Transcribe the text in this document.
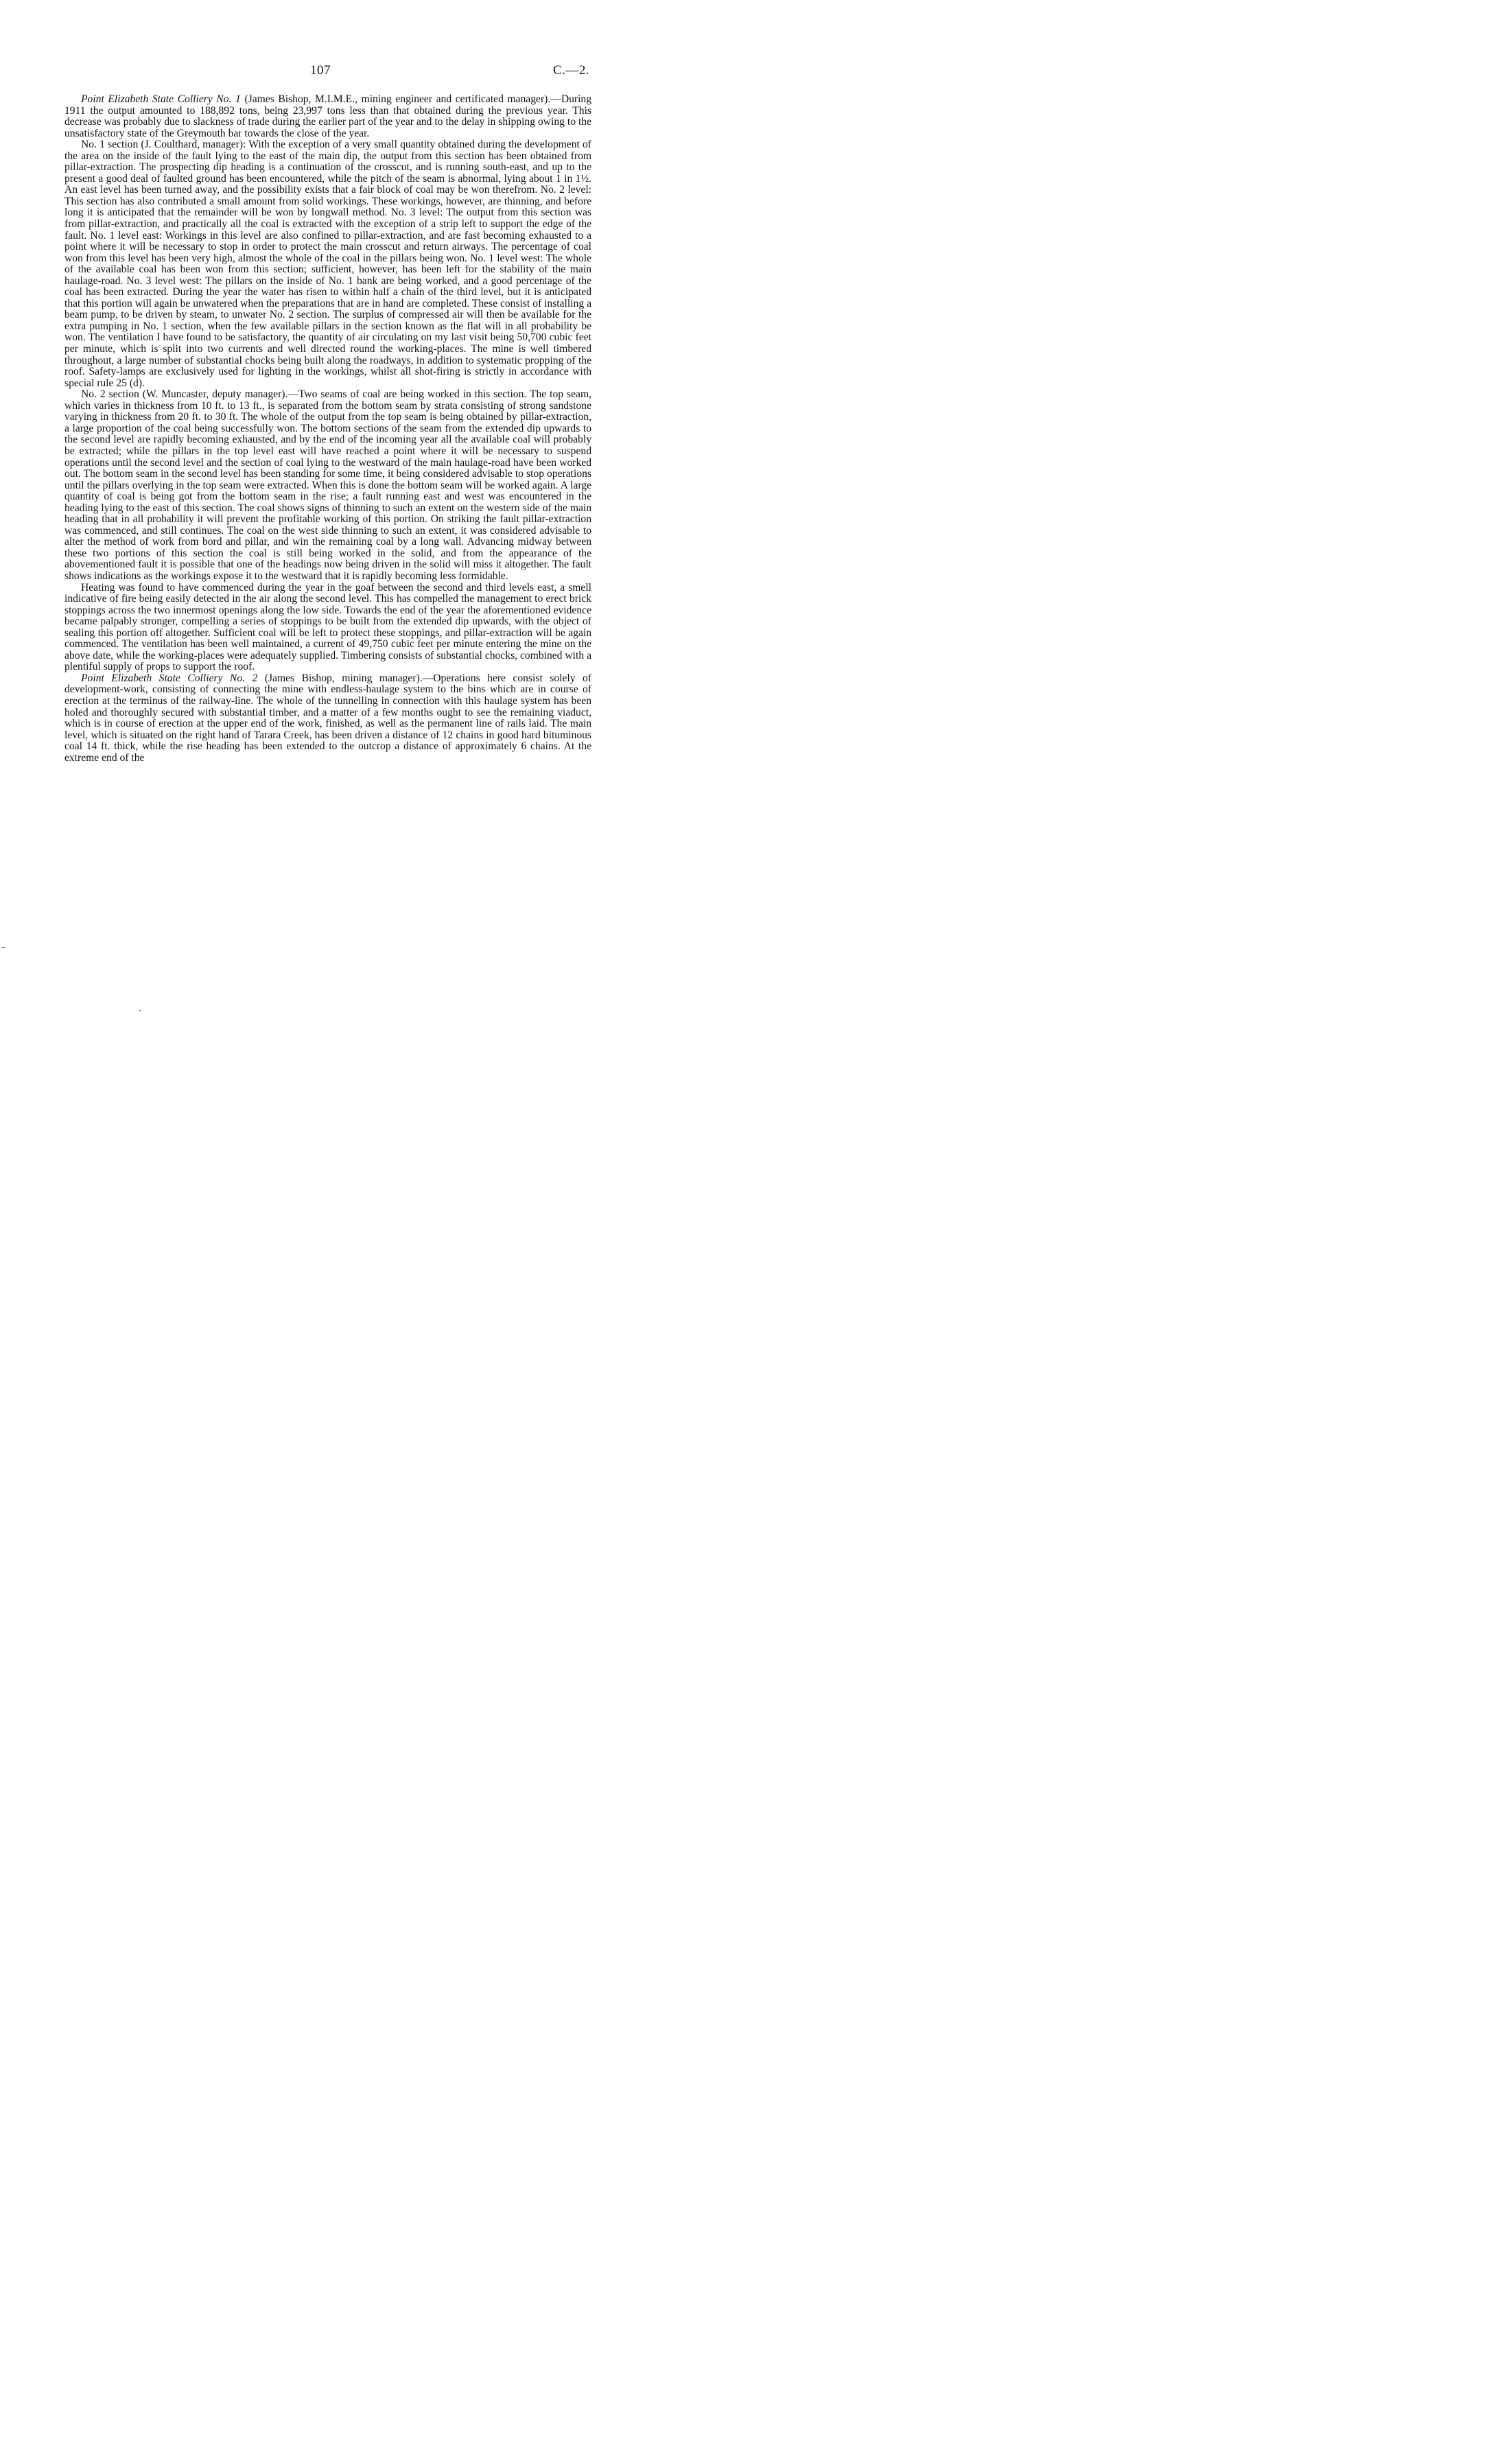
107	C.—2.

Point Elizabeth State Colliery No. 1 (James Bishop, M.I.M.E., mining engineer and certificated manager).—During 1911 the output amounted to 188,892 tons, being 23,997 tons less than that obtained during the previous year. This decrease was probably due to slackness of trade during the earlier part of the year and to the delay in shipping owing to the unsatisfactory state of the Greymouth bar towards the close of the year.

No. 1 section (J. Coulthard, manager): With the exception of a very small quantity obtained during the development of the area on the inside of the fault lying to the east of the main dip, the output from this section has been obtained from pillar-extraction. The prospecting dip heading is a continuation of the crosscut, and is running south-east, and up to the present a good deal of faulted ground has been encountered, while the pitch of the seam is abnormal, lying about 1 in 1½. An east level has been turned away, and the possibility exists that a fair block of coal may be won therefrom. No. 2 level: This section has also contributed a small amount from solid workings. These workings, however, are thinning, and before long it is anticipated that the remainder will be won by longwall method. No. 3 level: The output from this section was from pillar-extraction, and practically all the coal is extracted with the exception of a strip left to support the edge of the fault. No. 1 level east: Workings in this level are also confined to pillar-extraction, and are fast becoming exhausted to a point where it will be necessary to stop in order to protect the main crosscut and return airways. The percentage of coal won from this level has been very high, almost the whole of the coal in the pillars being won. No. 1 level west: The whole of the available coal has been won from this section; sufficient, however, has been left for the stability of the main haulage-road. No. 3 level west: The pillars on the inside of No. 1 bank are being worked, and a good percentage of the coal has been extracted. During the year the water has risen to within half a chain of the third level, but it is anticipated that this portion will again be unwatered when the preparations that are in hand are completed. These consist of installing a beam pump, to be driven by steam, to unwater No. 2 section. The surplus of compressed air will then be available for the extra pumping in No. 1 section, when the few available pillars in the section known as the flat will in all probability be won. The ventilation I have found to be satisfactory, the quantity of air circulating on my last visit being 50,700 cubic feet per minute, which is split into two currents and well directed round the working-places. The mine is well timbered throughout, a large number of substantial chocks being built along the roadways, in addition to systematic propping of the roof. Safety-lamps are exclusively used for lighting in the workings, whilst all shot-firing is strictly in accordance with special rule 25 (d).

No. 2 section (W. Muncaster, deputy manager).—Two seams of coal are being worked in this section. The top seam, which varies in thickness from 10 ft. to 13 ft., is separated from the bottom seam by strata consisting of strong sandstone varying in thickness from 20 ft. to 30 ft. The whole of the output from the top seam is being obtained by pillar-extraction, a large proportion of the coal being successfully won. The bottom sections of the seam from the extended dip upwards to the second level are rapidly becoming exhausted, and by the end of the incoming year all the available coal will probably be extracted; while the pillars in the top level east will have reached a point where it will be necessary to suspend operations until the second level and the section of coal lying to the westward of the main haulage-road have been worked out. The bottom seam in the second level has been standing for some time, it being considered advisable to stop operations until the pillars overlying in the top seam were extracted. When this is done the bottom seam will be worked again. A large quantity of coal is being got from the bottom seam in the rise; a fault running east and west was encountered in the heading lying to the east of this section. The coal shows signs of thinning to such an extent on the western side of the main heading that in all probability it will prevent the profitable working of this portion. On striking the fault pillar-extraction was commenced, and still continues. The coal on the west side thinning to such an extent, it was considered advisable to alter the method of work from bord and pillar, and win the remaining coal by a long wall. Advancing midway between these two portions of this section the coal is still being worked in the solid, and from the appearance of the abovementioned fault it is possible that one of the headings now being driven in the solid will miss it altogether. The fault shows indications as the workings expose it to the westward that it is rapidly becoming less formidable.

Heating was found to have commenced during the year in the goaf between the second and third levels east, a smell indicative of fire being easily detected in the air along the second level. This has compelled the management to erect brick stoppings across the two innermost openings along the low side. Towards the end of the year the aforementioned evidence became palpably stronger, compelling a series of stoppings to be built from the extended dip upwards, with the object of sealing this portion off altogether. Sufficient coal will be left to protect these stoppings, and pillar-extraction will be again commenced. The ventilation has been well maintained, a current of 49,750 cubic feet per minute entering the mine on the above date, while the working-places were adequately supplied. Timbering consists of substantial chocks, combined with a plentiful supply of props to support the roof.

Point Elizabeth State Colliery No. 2 (James Bishop, mining manager).—Operations here consist solely of development-work, consisting of connecting the mine with endless-haulage system to the bins which are in course of erection at the terminus of the railway-line. The whole of the tunnelling in connection with this haulage system has been holed and thoroughly secured with substantial timber, and a matter of a few months ought to see the remaining viaduct, which is in course of erection at the upper end of the work, finished, as well as the permanent line of rails laid. The main level, which is situated on the right hand of Tarara Creek, has been driven a distance of 12 chains in good hard bituminous coal 14 ft. thick, while the rise heading has been extended to the outcrop a distance of approximately 6 chains. At the extreme end of the
